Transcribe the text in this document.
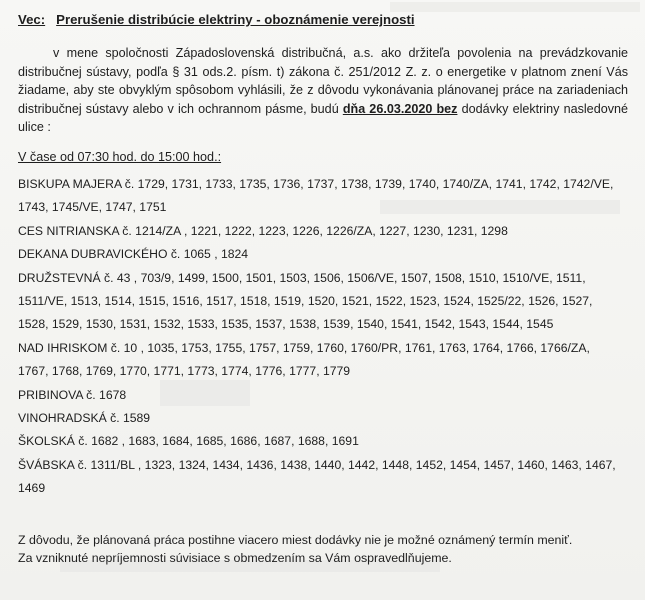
Vec: Prerušenie distribúcie elektriny - oboznámenie verejnosti
v mene spoločnosti Západoslovenská distribučná, a.s. ako držiteľa povolenia na prevádzkovanie distribučnej sústavy, podľa § 31 ods.2. písm. t) zákona č. 251/2012 Z. z. o energetike v platnom znení Vás žiadame, aby ste obvyklým spôsobom vyhlásili, že z dôvodu vykonávania plánovanej práce na zariadeniach distribučnej sústavy alebo v ich ochrannom pásme, budú dňa 26.03.2020 bez dodávky elektriny nasledovné ulice :
V čase od 07:30 hod. do 15:00 hod.:

BISKUPA MAJERA č. 1729, 1731, 1733, 1735, 1736, 1737, 1738, 1739, 1740, 1740/ZA, 1741, 1742, 1742/VE,

1743, 1745/VE, 1747, 1751

CES NITRIANSKA č. 1214/ZA , 1221, 1222, 1223, 1226, 1226/ZA, 1227, 1230, 1231, 1298

DEKANA DUBRAVICKÉHO č. 1065 , 1824

DRUŽSTEVNÁ č. 43 , 703/9, 1499, 1500, 1501, 1503, 1506, 1506/VE, 1507, 1508, 1510, 1510/VE, 1511,

1511/VE, 1513, 1514, 1515, 1516, 1517, 1518, 1519, 1520, 1521, 1522, 1523, 1524, 1525/22, 1526, 1527,

1528, 1529, 1530, 1531, 1532, 1533, 1535, 1537, 1538, 1539, 1540, 1541, 1542, 1543, 1544, 1545

NAD IHRISKOM č. 10 , 1035, 1753, 1755, 1757, 1759, 1760, 1760/PR, 1761, 1763, 1764, 1766, 1766/ZA,

1767, 1768, 1769, 1770, 1771, 1773, 1774, 1776, 1777, 1779

PRIBINOVA č. 1678

VINOHRADSKÁ č. 1589

ŠKOLSKÁ č. 1682 , 1683, 1684, 1685, 1686, 1687, 1688, 1691

ŠVÁBSKA č. 1311/BL , 1323, 1324, 1434, 1436, 1438, 1440, 1442, 1448, 1452, 1454, 1457, 1460, 1463, 1467,

1469

Z dôvodu, že plánovaná práca postihne viacero miest dodávky nie je možné oznámený termín meniť.

Za vzniknuté nepríjemnosti súvisiace s obmedzením sa Vám ospravedlňujeme.
